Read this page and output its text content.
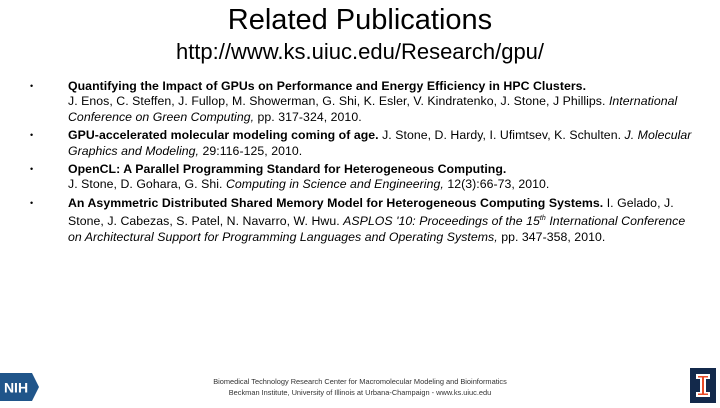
Related Publications
http://www.ks.uiuc.edu/Research/gpu/
•	Quantifying the Impact of GPUs on Performance and Energy Efficiency in HPC Clusters.
J. Enos, C. Steffen, J. Fullop, M. Showerman, G. Shi, K. Esler, V. Kindratenko, J. Stone, J Phillips. International Conference on Green Computing, pp. 317-324, 2010.
•	GPU-accelerated molecular modeling coming of age. J. Stone, D. Hardy, I. Ufimtsev, K. Schulten. J. Molecular Graphics and Modeling, 29:116-125, 2010.
•	OpenCL: A Parallel Programming Standard for Heterogeneous Computing.
J. Stone, D. Gohara, G. Shi. Computing in Science and Engineering, 12(3):66-73, 2010.
•	An Asymmetric Distributed Shared Memory Model for Heterogeneous Computing Systems. I. Gelado, J. Stone, J. Cabezas, S. Patel, N. Navarro, W. Hwu. ASPLOS '10: Proceedings of the 15th International Conference on Architectural Support for Programming Languages and Operating Systems, pp. 347-358, 2010.
Biomedical Technology Research Center for Macromolecular Modeling and Bioinformatics
Beckman Institute, University of Illinois at Urbana-Champaign - www.ks.uiuc.edu
NIH
